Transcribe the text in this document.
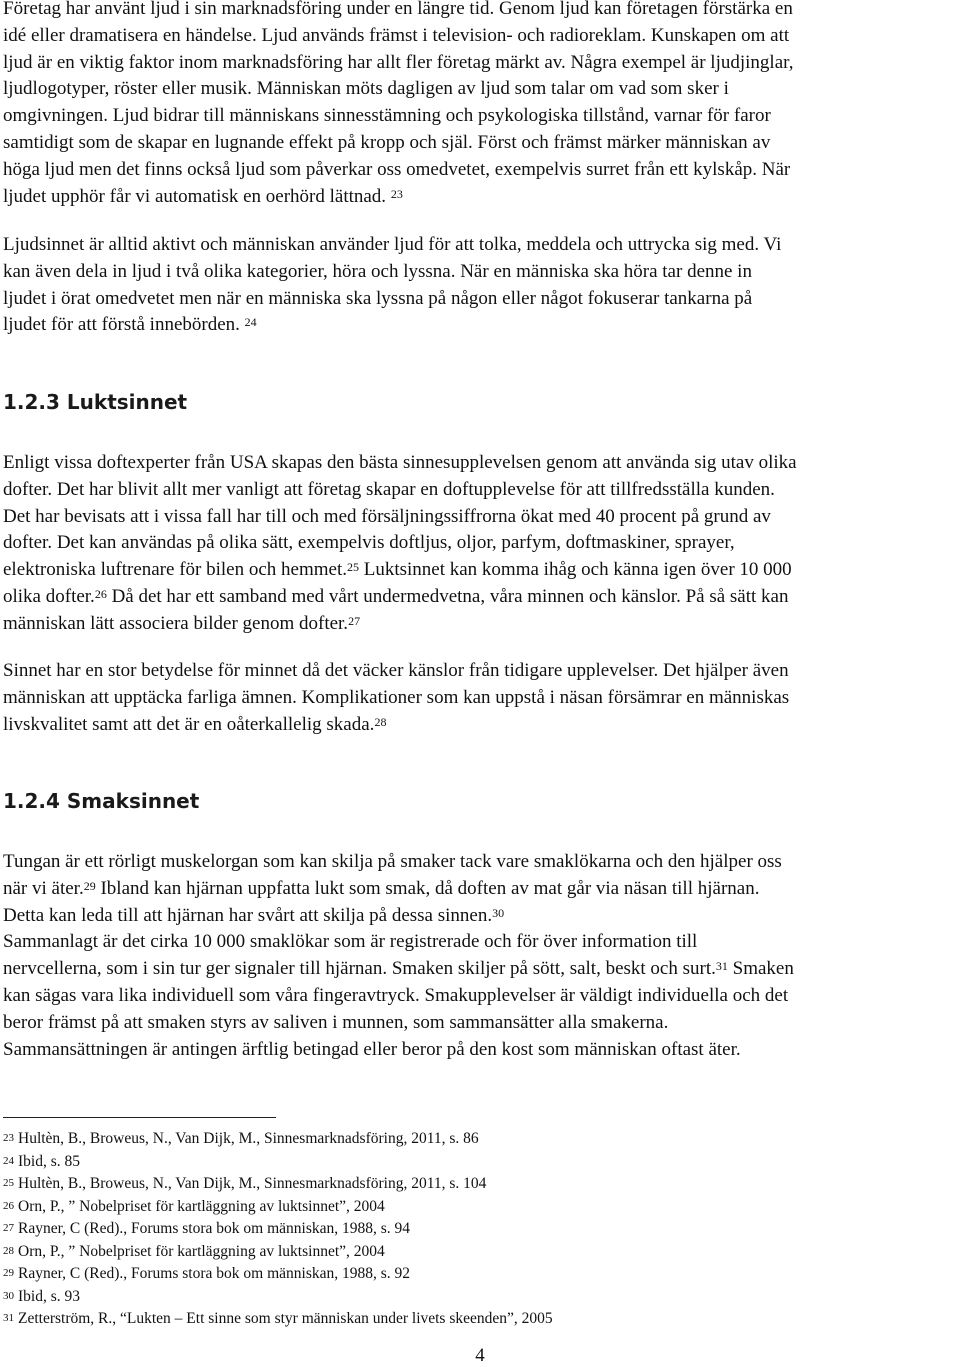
Företag har använt ljud i sin marknadsföring under en längre tid. Genom ljud kan företagen förstärka en
idé eller dramatisera en händelse. Ljud används främst i television- och radioreklam. Kunskapen om att
ljud är en viktig faktor inom marknadsföring har allt fler företag märkt av. Några exempel är ljudjinglar,
ljudlogotyper, röster eller musik. Människan möts dagligen av ljud som talar om vad som sker i
omgivningen. Ljud bidrar till människans sinnesstämning och psykologiska tillstånd, varnar för faror
samtidigt som de skapar en lugnande effekt på kropp och själ. Först och främst märker människan av
höga ljud men det finns också ljud som påverkar oss omedvetet, exempelvis surret från ett kylskåp. När
ljudet upphör får vi automatisk en oerhörd lättnad. $^{23}$

Ljudsinnet är alltid aktivt och människan använder ljud för att tolka, meddela och uttrycka sig med. Vi
kan även dela in ljud i två olika kategorier, höra och lyssna. När en människa ska höra tar denne in
ljudet i örat omedvetet men när en människa ska lyssna på någon eller något fokuserar tankarna på
ljudet för att förstå innebörden. $^{24}$

1.2.3 Luktsinnet

Enligt vissa doftexperter från USA skapas den bästa sinnesupplevelsen genom att använda sig utav olika
dofter. Det har blivit allt mer vanligt att företag skapar en doftupplevelse för att tillfredsställa kunden.
Det har bevisats att i vissa fall har till och med försäljningssiffrorna ökat med 40 procent på grund av
dofter. Det kan användas på olika sätt, exempelvis doftljus, oljor, parfym, doftmaskiner, sprayer,
elektroniska luftrenare för bilen och hemmet.$^{25}$ Luktsinnet kan komma ihåg och känna igen över 10 000
olika dofter.$^{26}$ Då det har ett samband med vårt undermedvetna, våra minnen och känslor. På så sätt kan
människan lätt associera bilder genom dofter.$^{27}$

Sinnet har en stor betydelse för minnet då det väcker känslor från tidigare upplevelser. Det hjälper även
människan att upptäcka farliga ämnen. Komplikationer som kan uppstå i näsan försämrar en människas
livskvalitet samt att det är en oåterkallelig skada.$^{28}$

1.2.4 Smaksinnet

Tungan är ett rörligt muskelorgan som kan skilja på smaker tack vare smaklökarna och den hjälper oss
när vi äter.$^{29}$ Ibland kan hjärnan uppfatta lukt som smak, då doften av mat går via näsan till hjärnan.
Detta kan leda till att hjärnan har svårt att skilja på dessa sinnen.$^{30}$
Sammanlagt är det cirka 10 000 smaklökar som är registrerade och för över information till
nervcellerna, som i sin tur ger signaler till hjärnan. Smaken skiljer på sött, salt, beskt och surt.$^{31}$ Smaken
kan sägas vara lika individuell som våra fingeravtryck. Smakupplevelser är väldigt individuella och det
beror främst på att smaken styrs av saliven i munnen, som sammansätter alla smakerna.
Sammansättningen är antingen ärftlig betingad eller beror på den kost som människan oftast äter.

$^{23}$ Hultèn, B., Broweus, N., Van Dijk, M., Sinnesmarknadsföring, 2011, s. 86
$^{24}$ Ibid, s. 85
$^{25}$ Hultèn, B., Broweus, N., Van Dijk, M., Sinnesmarknadsföring, 2011, s. 104
$^{26}$ Orn, P., ” Nobelpriset för kartläggning av luktsinnet”, 2004
$^{27}$ Rayner, C (Red)., Forums stora bok om människan, 1988, s. 94
$^{28}$ Orn, P., ” Nobelpriset för kartläggning av luktsinnet”, 2004
$^{29}$ Rayner, C (Red)., Forums stora bok om människan, 1988, s. 92
$^{30}$ Ibid, s. 93
$^{31}$ Zetterström, R., “Lukten – Ett sinne som styr människan under livets skeenden”, 2005
4
